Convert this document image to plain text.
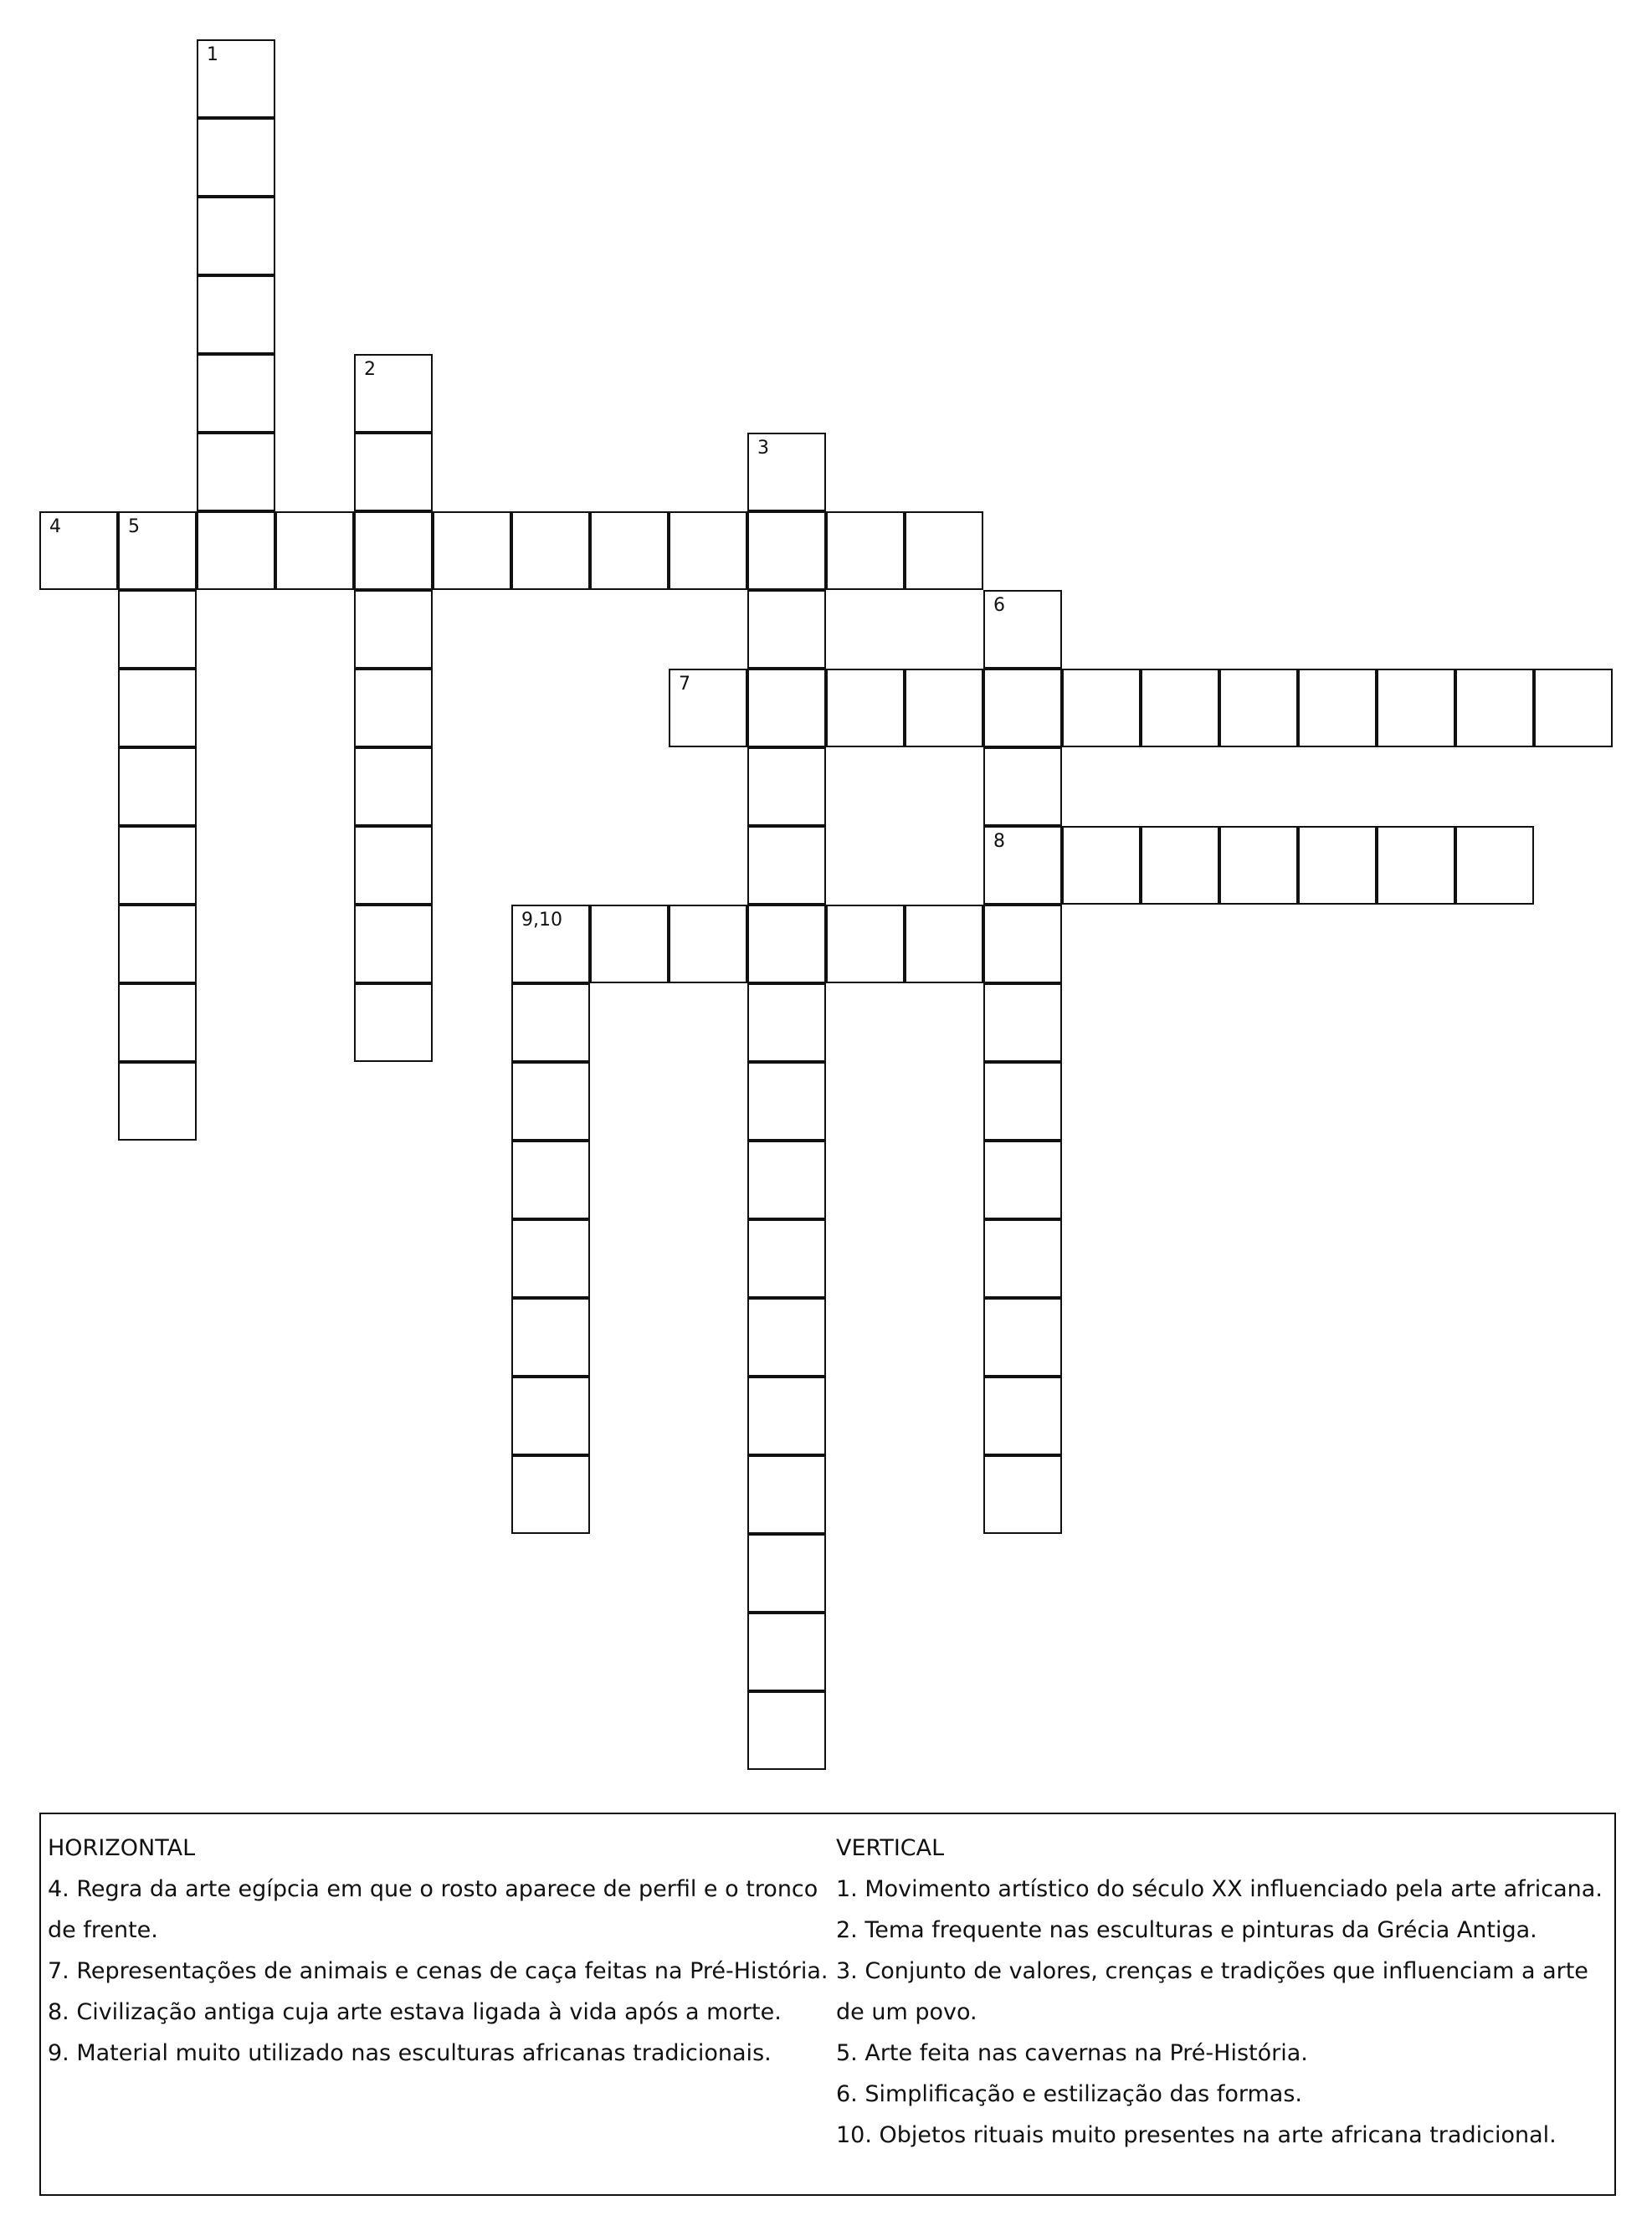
1
2
3
4	5
6
7
8
9,10
HORIZONTAL
4. Regra da arte egípcia em que o rosto aparece de perfil e o tronco de frente.
7. Representações de animais e cenas de caça feitas na Pré-História.
8. Civilização antiga cuja arte estava ligada à vida após a morte.
9. Material muito utilizado nas esculturas africanas tradicionais.
VERTICAL
1. Movimento artístico do século XX influenciado pela arte africana.
2. Tema frequente nas esculturas e pinturas da Grécia Antiga.
3. Conjunto de valores, crenças e tradições que influenciam a arte de um povo.
5. Arte feita nas cavernas na Pré-História.
6. Simplificação e estilização das formas.
10. Objetos rituais muito presentes na arte africana tradicional.
